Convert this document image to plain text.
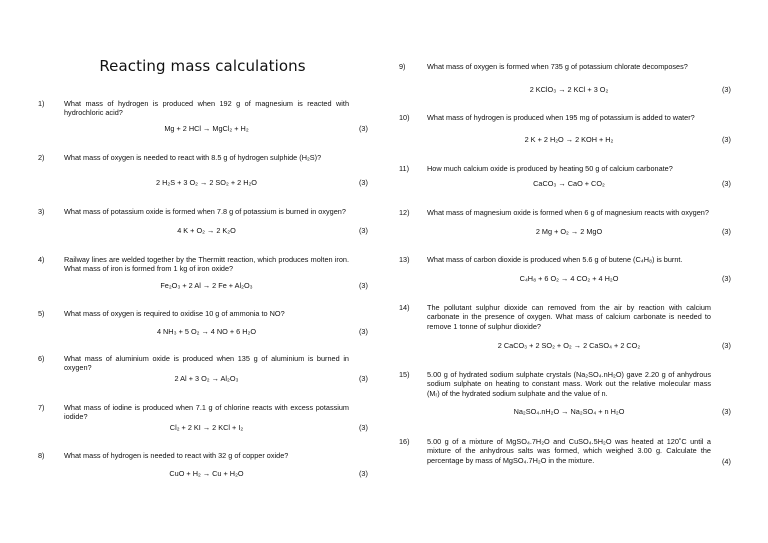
Reacting mass calculations
1)	What mass of hydrogen is produced when 192 g of magnesium is reacted with hydrochloric acid?
Mg + 2 HCl → MgCl₂ + H₂	(3)
2)	What mass of oxygen is needed to react with 8.5 g of hydrogen sulphide (H₂S)?
2 H₂S + 3 O₂ → 2 SO₂ + 2 H₂O	(3)
3)	What mass of potassium oxide is formed when 7.8 g of potassium is burned in oxygen?
4 K + O₂ → 2 K₂O	(3)
4)	Railway lines are welded together by the Thermitt reaction, which produces molten iron. What mass of iron is formed from 1 kg of iron oxide?
Fe₂O₃ + 2 Al → 2 Fe + Al₂O₃	(3)
5)	What mass of oxygen is required to oxidise 10 g of ammonia to NO?
4 NH₃ + 5 O₂ → 4 NO + 6 H₂O	(3)
6)	What mass of aluminium oxide is produced when 135 g of aluminium is burned in oxygen?
2 Al + 3 O₂ → Al₂O₃	(3)
7)	What mass of iodine is produced when 7.1 g of chlorine reacts with excess potassium iodide?
Cl₂ + 2 KI → 2 KCl + I₂	(3)
8)	What mass of hydrogen is needed to react with 32 g of copper oxide?
CuO + H₂ → Cu + H₂O	(3)
9)	What mass of oxygen is formed when 735 g of potassium chlorate decomposes?
2 KClO₃ → 2 KCl + 3 O₂	(3)
10) What mass of hydrogen is produced when 195 mg of potassium is added to water?
2 K + 2 H₂O → 2 KOH + H₂	(3)
11) How much calcium oxide is produced by heating 50 g of calcium carbonate?
CaCO₃ → CaO + CO₂	(3)
12) What mass of magnesium oxide is formed when 6 g of magnesium reacts with oxygen?
2 Mg + O₂ → 2 MgO	(3)
13) What mass of carbon dioxide is produced when 5.6 g of butene (C₄H₈) is burnt.
C₄H₈ + 6 O₂ → 4 CO₂ + 4 H₂O	(3)
14) The pollutant sulphur dioxide can removed from the air by reaction with calcium carbonate in the presence of oxygen. What mass of calcium carbonate is needed to remove 1 tonne of sulphur dioxide?
2 CaCO₃ + 2 SO₂ + O₂ → 2 CaSO₄ + 2 CO₂	(3)
15) 5.00 g of hydrated sodium sulphate crystals (Na₂SO₄.nH₂O) gave 2.20 g of anhydrous sodium sulphate on heating to constant mass. Work out the relative molecular mass (Mᵣ) of the hydrated sodium sulphate and the value of n.
Na₂SO₄.nH₂O → Na₂SO₄ + n H₂O	(3)
16) 5.00 g of a mixture of MgSO₄.7H₂O and CuSO₄.5H₂O was heated at 120˚C until a mixture of the anhydrous salts was formed, which weighed 3.00 g. Calculate the percentage by mass of MgSO₄.7H₂O in the mixture.	(4)
